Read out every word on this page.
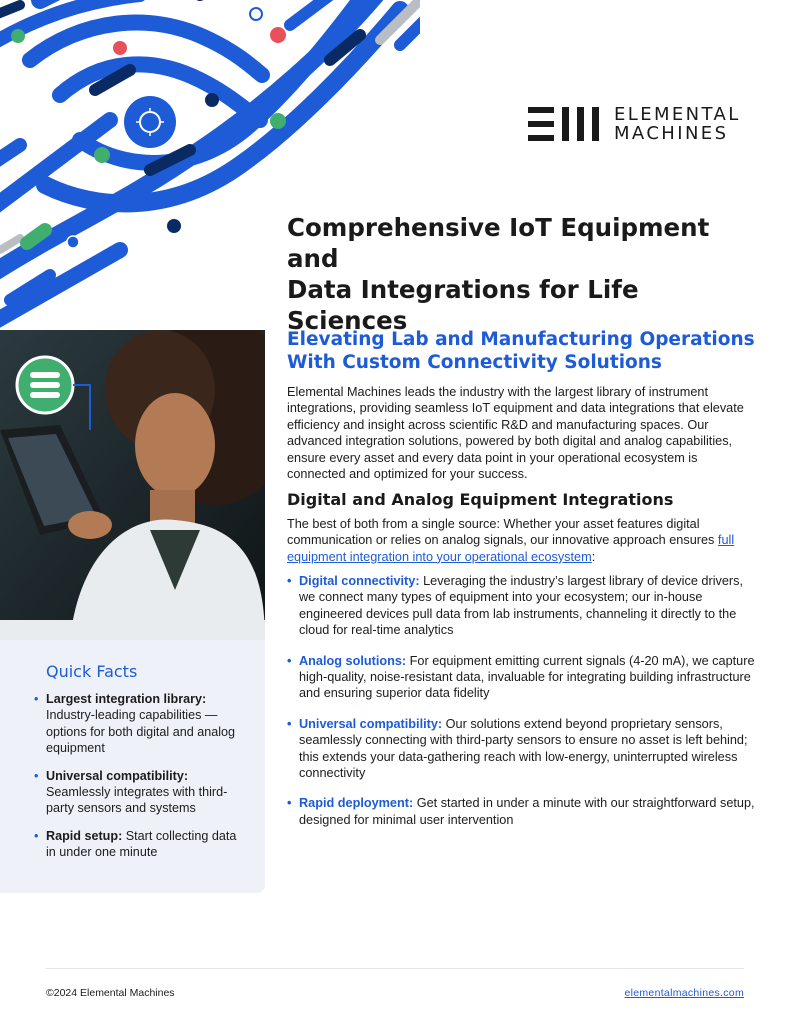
ELEMENTAL
MACHINES
Comprehensive IoT Equipment and
Data Integrations for Life Sciences
Quick Facts
• Largest integration library: Industry-leading capabilities — options for both digital and analog equipment
• Universal compatibility: Seamlessly integrates with third-party sensors and systems
• Rapid setup: Start collecting data in under one minute
Elevating Lab and Manufacturing Operations
With Custom Connectivity Solutions

Elemental Machines leads the industry with the largest library of instrument integrations, providing seamless IoT equipment and data integrations that elevate efficiency and insight across scientific R&D and manufacturing spaces. Our advanced integration solutions, powered by both digital and analog capabilities, ensure every asset and every data point in your operational ecosystem is connected and optimized for your success.

Digital and Analog Equipment Integrations

The best of both from a single source: Whether your asset features digital communication or relies on analog signals, our innovative approach ensures full equipment integration into your operational ecosystem:

• Digital connectivity: Leveraging the industry’s largest library of device drivers, we connect many types of equipment into your ecosystem; our in-house engineered devices pull data from lab instruments, channeling it directly to the cloud for real-time analytics
• Analog solutions: For equipment emitting current signals (4-20 mA), we capture high-quality, noise-resistant data, invaluable for integrating building infrastructure and ensuring superior data fidelity
• Universal compatibility: Our solutions extend beyond proprietary sensors, seamlessly connecting with third-party sensors to ensure no asset is left behind; this extends your data-gathering reach with low-energy, uninterrupted wireless connectivity
• Rapid deployment: Get started in under a minute with our straightforward setup, designed for minimal user intervention
©2024 Elemental Machines	elementalmachines.com
